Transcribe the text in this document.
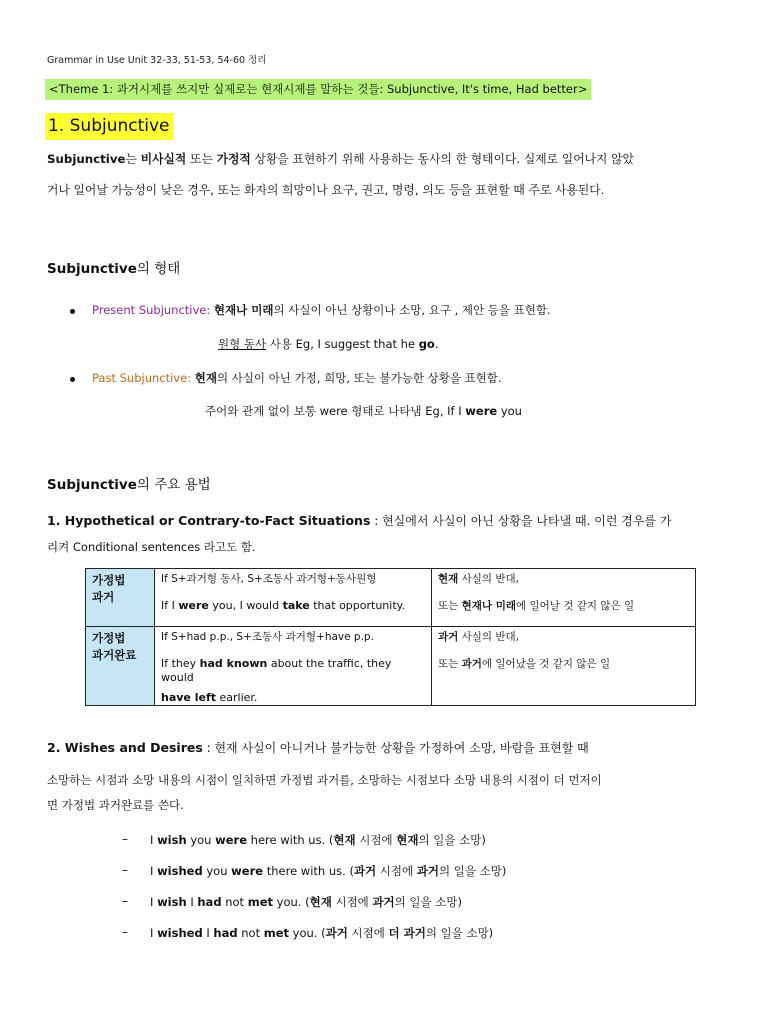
Grammar in Use Unit 32-33, 51-53, 54-60 정리
<Theme 1: 과거시제를 쓰지만 실제로는 현재시제를 말하는 것들: Subjunctive, It's time, Had better>
1. Subjunctive
Subjunctive는 비사실적 또는 가정적 상황을 표현하기 위해 사용하는 동사의 한 형태이다. 실제로 일어나지 않았
거나 일어날 가능성이 낮은 경우, 또는 화자의 희망이나 요구, 권고, 명령, 의도 등을 표현할 때 주로 사용된다.
Subjunctive의 형태
Present Subjunctive: 현재나 미래의 사실이 아닌 상황이나 소망, 요구 , 제안 등을 표현함.
원형 동사 사용 Eg, I suggest that he go.
Past Subjunctive: 현재의 사실이 아닌 가정, 희망, 또는 불가능한 상황을 표현함.
주어와 관계 없이 보통 were 형태로 나타냄 Eg, If I were you
Subjunctive의 주요 용법
1. Hypothetical or Contrary-to-Fact Situations : 현실에서 사실이 아닌 상황을 나타낼 때. 이런 경우를 가
리켜 Conditional sentences 라고도 함.
가정법
과거	If S+과거형 동사, S+조동사 과거형+동사원형
If I were you, I would take that opportunity.	현재 사실의 반대,
또는 현재나 미래에 일어날 것 같지 않은 일

가정법
과거완료	If S+had p.p., S+조동사 과거형+have p.p.
If they had known about the traffic, they would
have left earlier.	과거 사실의 반대,
또는 과거에 일어났을 것 같지 않은 일
2. Wishes and Desires : 현재 사실이 아니거나 불가능한 상황을 가정하여 소망, 바람을 표현할 때
소망하는 시점과 소망 내용의 시점이 일치하면 가정법 과거를, 소망하는 시점보다 소망 내용의 시점이 더 먼저이
면 가정법 과거완료를 쓴다.
– I wish you were here with us. (현재 시점에 현재의 일을 소망)
– I wished you were there with us. (과거 시점에 과거의 일을 소망)
– I wish I had not met you. (현재 시점에 과거의 일을 소망)
– I wished I had not met you. (과거 시점에 더 과거의 일을 소망)
